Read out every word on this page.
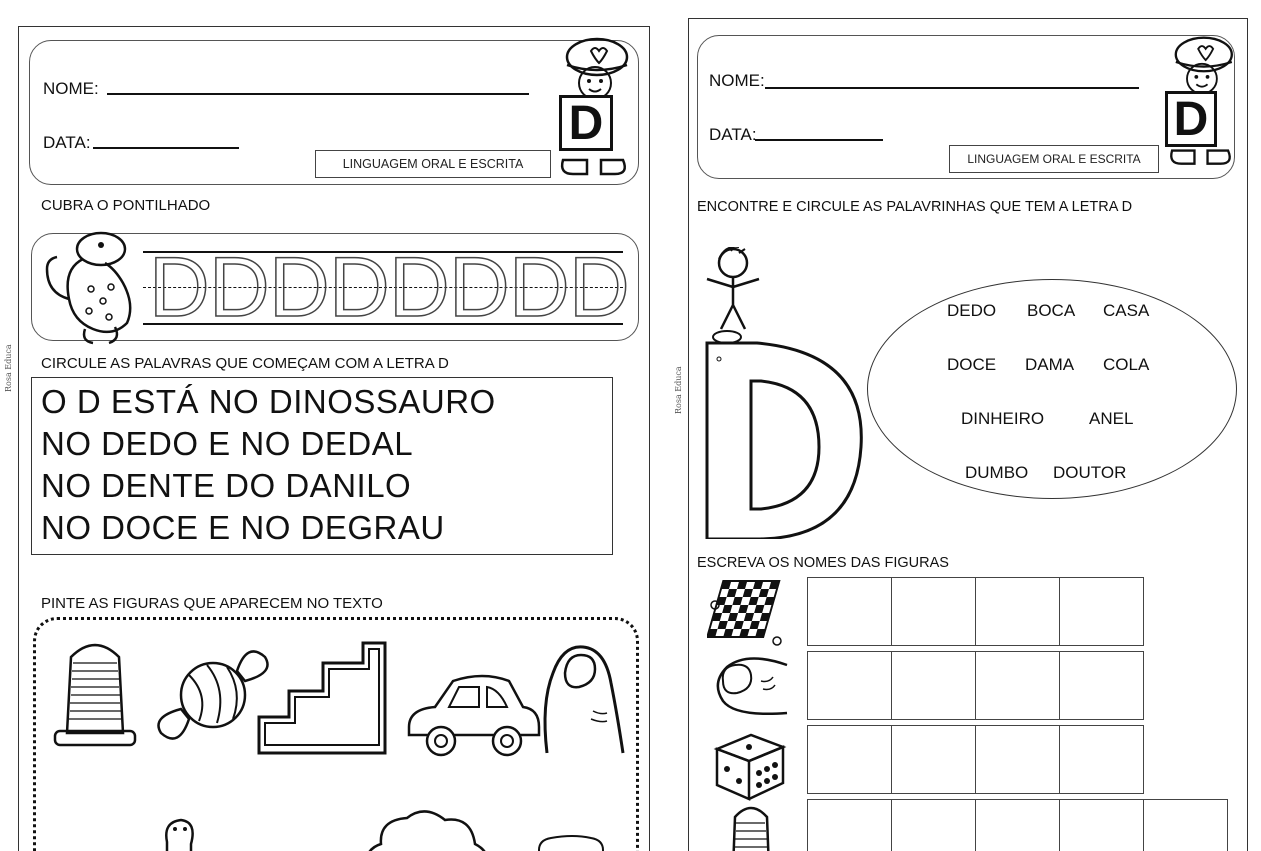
NOME:
DATA:
LINGUAGEM ORAL E ESCRITA
D
CUBRA O PONTILHADO
D D D D D D D D
CIRCULE AS PALAVRAS QUE COMEÇAM COM A LETRA D
O D ESTÁ NO DINOSSAURO
NO DEDO E NO DEDAL
NO DENTE DO DANILO
NO DOCE E NO DEGRAU
PINTE AS FIGURAS QUE APARECEM NO TEXTO
Rosa Educa
NOME:
DATA:
LINGUAGEM ORAL E ESCRITA
D
ENCONTRE E CIRCULE AS PALAVRINHAS QUE TEM A LETRA D
DEDO BOCA CASA
DOCE DAMA COLA
DINHEIRO	ANEL
DUMBO DOUTOR
ESCREVA OS NOMES DAS FIGURAS

Rosa Educa
